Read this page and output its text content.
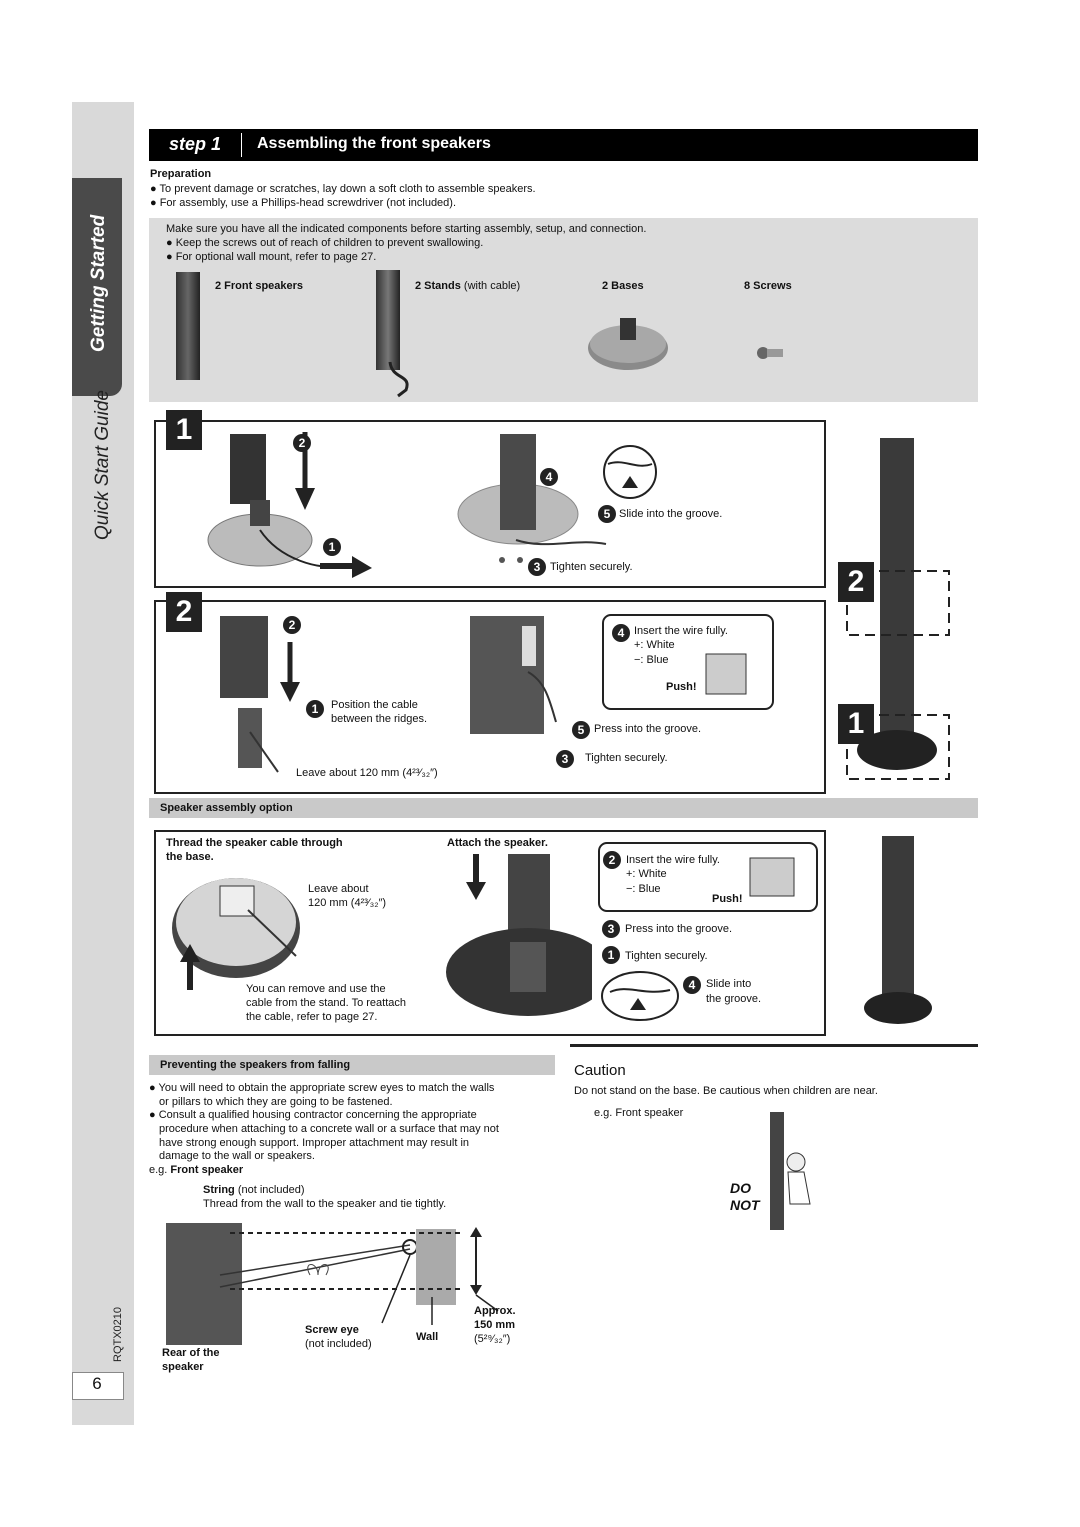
Getting Started
Quick Start Guide
RQTX0210
6
step 1 Assembling the front speakers
Preparation
● To prevent damage or scratches, lay down a soft cloth to assemble speakers.
● For assembly, use a Phillips-head screwdriver (not included).
Make sure you have all the indicated components before starting assembly, setup, and connection.
● Keep the screws out of reach of children to prevent swallowing.
● For optional wall mount, refer to page 27.
2 Front speakers	2 Stands (with cable)	2 Bases	8 Screws
1	2
1
4
5 Slide into the groove.
3 Tighten securely.
2	2
1	Position the cable
between the ridges.
Leave about 120 mm (4²³⁄₃₂″)
4 Insert the wire fully.
+: White
−: Blue
Push!
5 Press into the groove.
3	Tighten securely.
2
1
Speaker assembly option
Thread the speaker cable through
the base.
Attach the speaker.
Leave about
120 mm (4²³⁄₃₂″)
You can remove and use the
cable from the stand. To reattach
the cable, refer to page 27.
2 Insert the wire fully.
+: White
−: Blue
Push!
3 Press into the groove.
1 Tighten securely.
4 Slide into
the groove.
Preventing the speakers from falling
● You will need to obtain the appropriate screw eyes to match the walls
or pillars to which they are going to be fastened.
● Consult a qualified housing contractor concerning the appropriate
procedure when attaching to a concrete wall or a surface that may not
have strong enough support. Improper attachment may result in
damage to the wall or speakers.
e.g. Front speaker
String (not included)
Thread from the wall to the speaker and tie tightly.
Screw eye
(not included)
Wall
Approx.
150 mm
(5²⁹⁄₃₂″)
Rear of the
speaker
Caution
Do not stand on the base. Be cautious when children are near.
e.g. Front speaker
DO
NOT
